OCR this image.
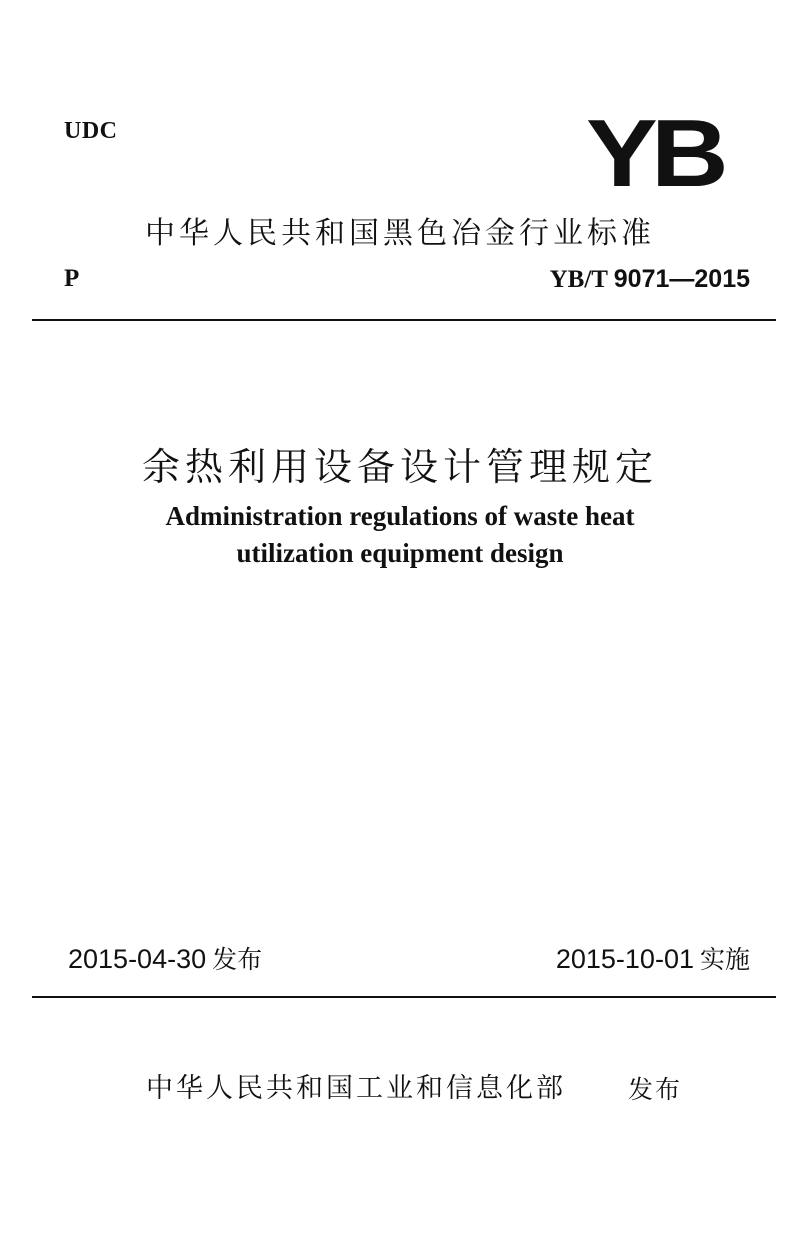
UDC	YB
中华人民共和国黑色冶金行业标准
P	YB/T 9071—2015
余热利用设备设计管理规定
Administration regulations of waste heat
utilization equipment design
2015-04-30 发布	2015-10-01 实施
中华人民共和国工业和信息化部 发布
